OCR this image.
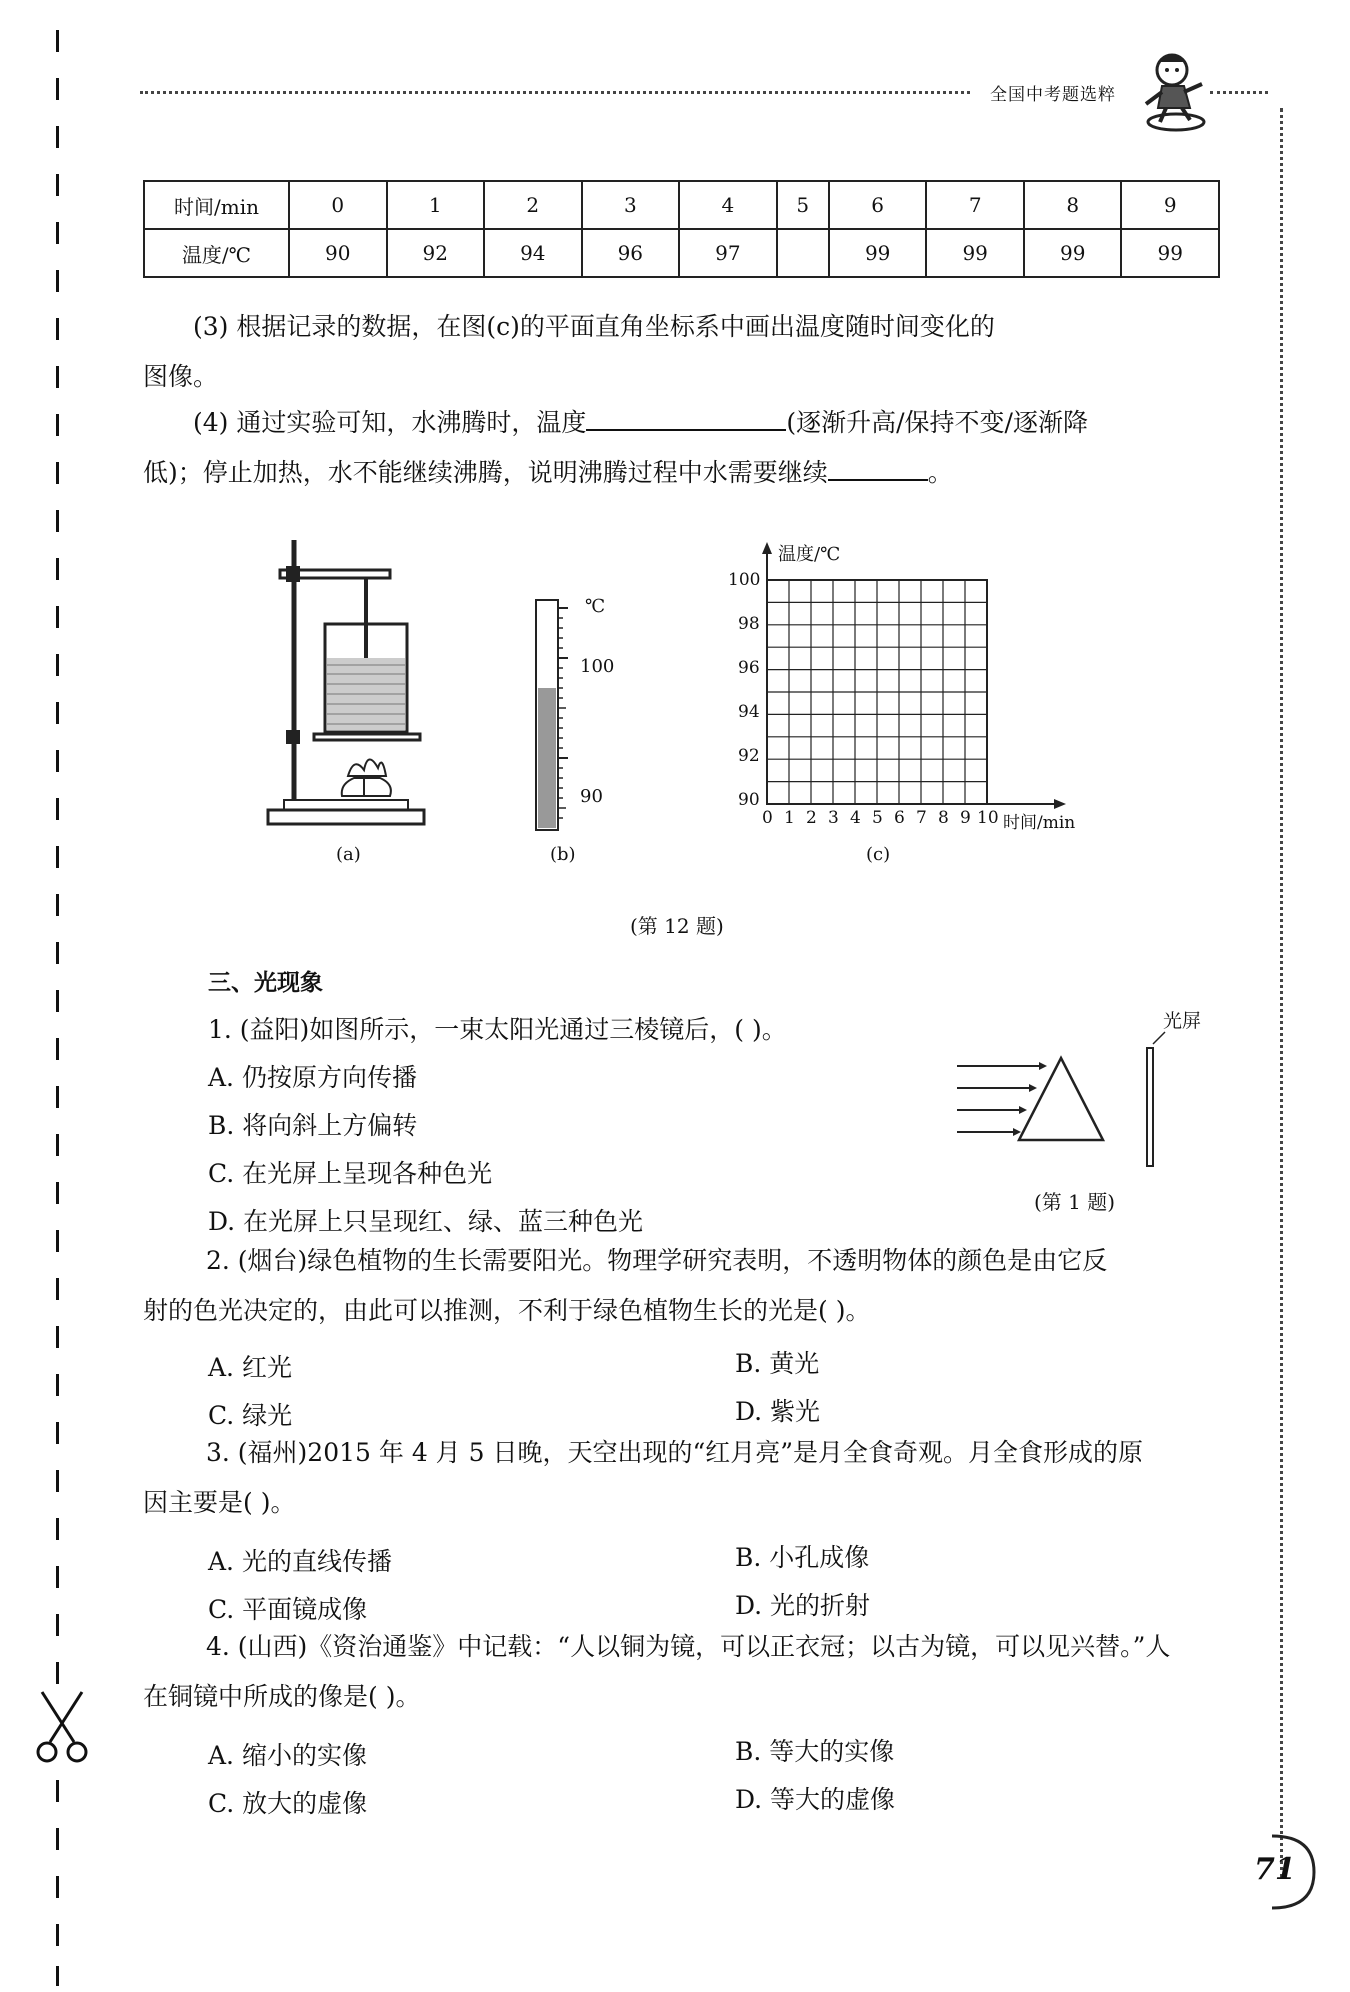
全国中考题选粹
时间/min	0	1	2	3	4	5	6	7	8	9
温度/℃	90	92	94	96	97		99	99	99	99
(3) 根据记录的数据，在图(c)的平面直角坐标系中画出温度随时间变化的
图像。
(4) 通过实验可知，水沸腾时，温度	(逐渐升高/保持不变/逐渐降
低)；停止加热，水不能继续沸腾，说明沸腾过程中水需要继续	。
(a)
℃
100
90
(b)
温度/℃
时间/min
100
98
96
94
92
90
0 1 2 3 4 5 6 7 8 9 10
(c)
(第 12 题)
三、光现象
1. (益阳)如图所示，一束太阳光通过三棱镜后，( )。
A. 仍按原方向传播
B. 将向斜上方偏转
C. 在光屏上呈现各种色光
D. 在光屏上只呈现红、绿、蓝三种色光
光屏
(第 1 题)
2. (烟台)绿色植物的生长需要阳光。物理学研究表明，不透明物体的颜色是由它反
射的色光决定的，由此可以推测，不利于绿色植物生长的光是( )。
A. 红光	B. 黄光
C. 绿光	D. 紫光
3. (福州)2015 年 4 月 5 日晚，天空出现的“红月亮”是月全食奇观。月全食形成的原
因主要是( )。
A. 光的直线传播	B. 小孔成像
C. 平面镜成像	D. 光的折射
4. (山西)《资治通鉴》中记载：“人以铜为镜，可以正衣冠；以古为镜，可以见兴替。”人
在铜镜中所成的像是( )。
A. 缩小的实像	B. 等大的实像
C. 放大的虚像	D. 等大的虚像
71
